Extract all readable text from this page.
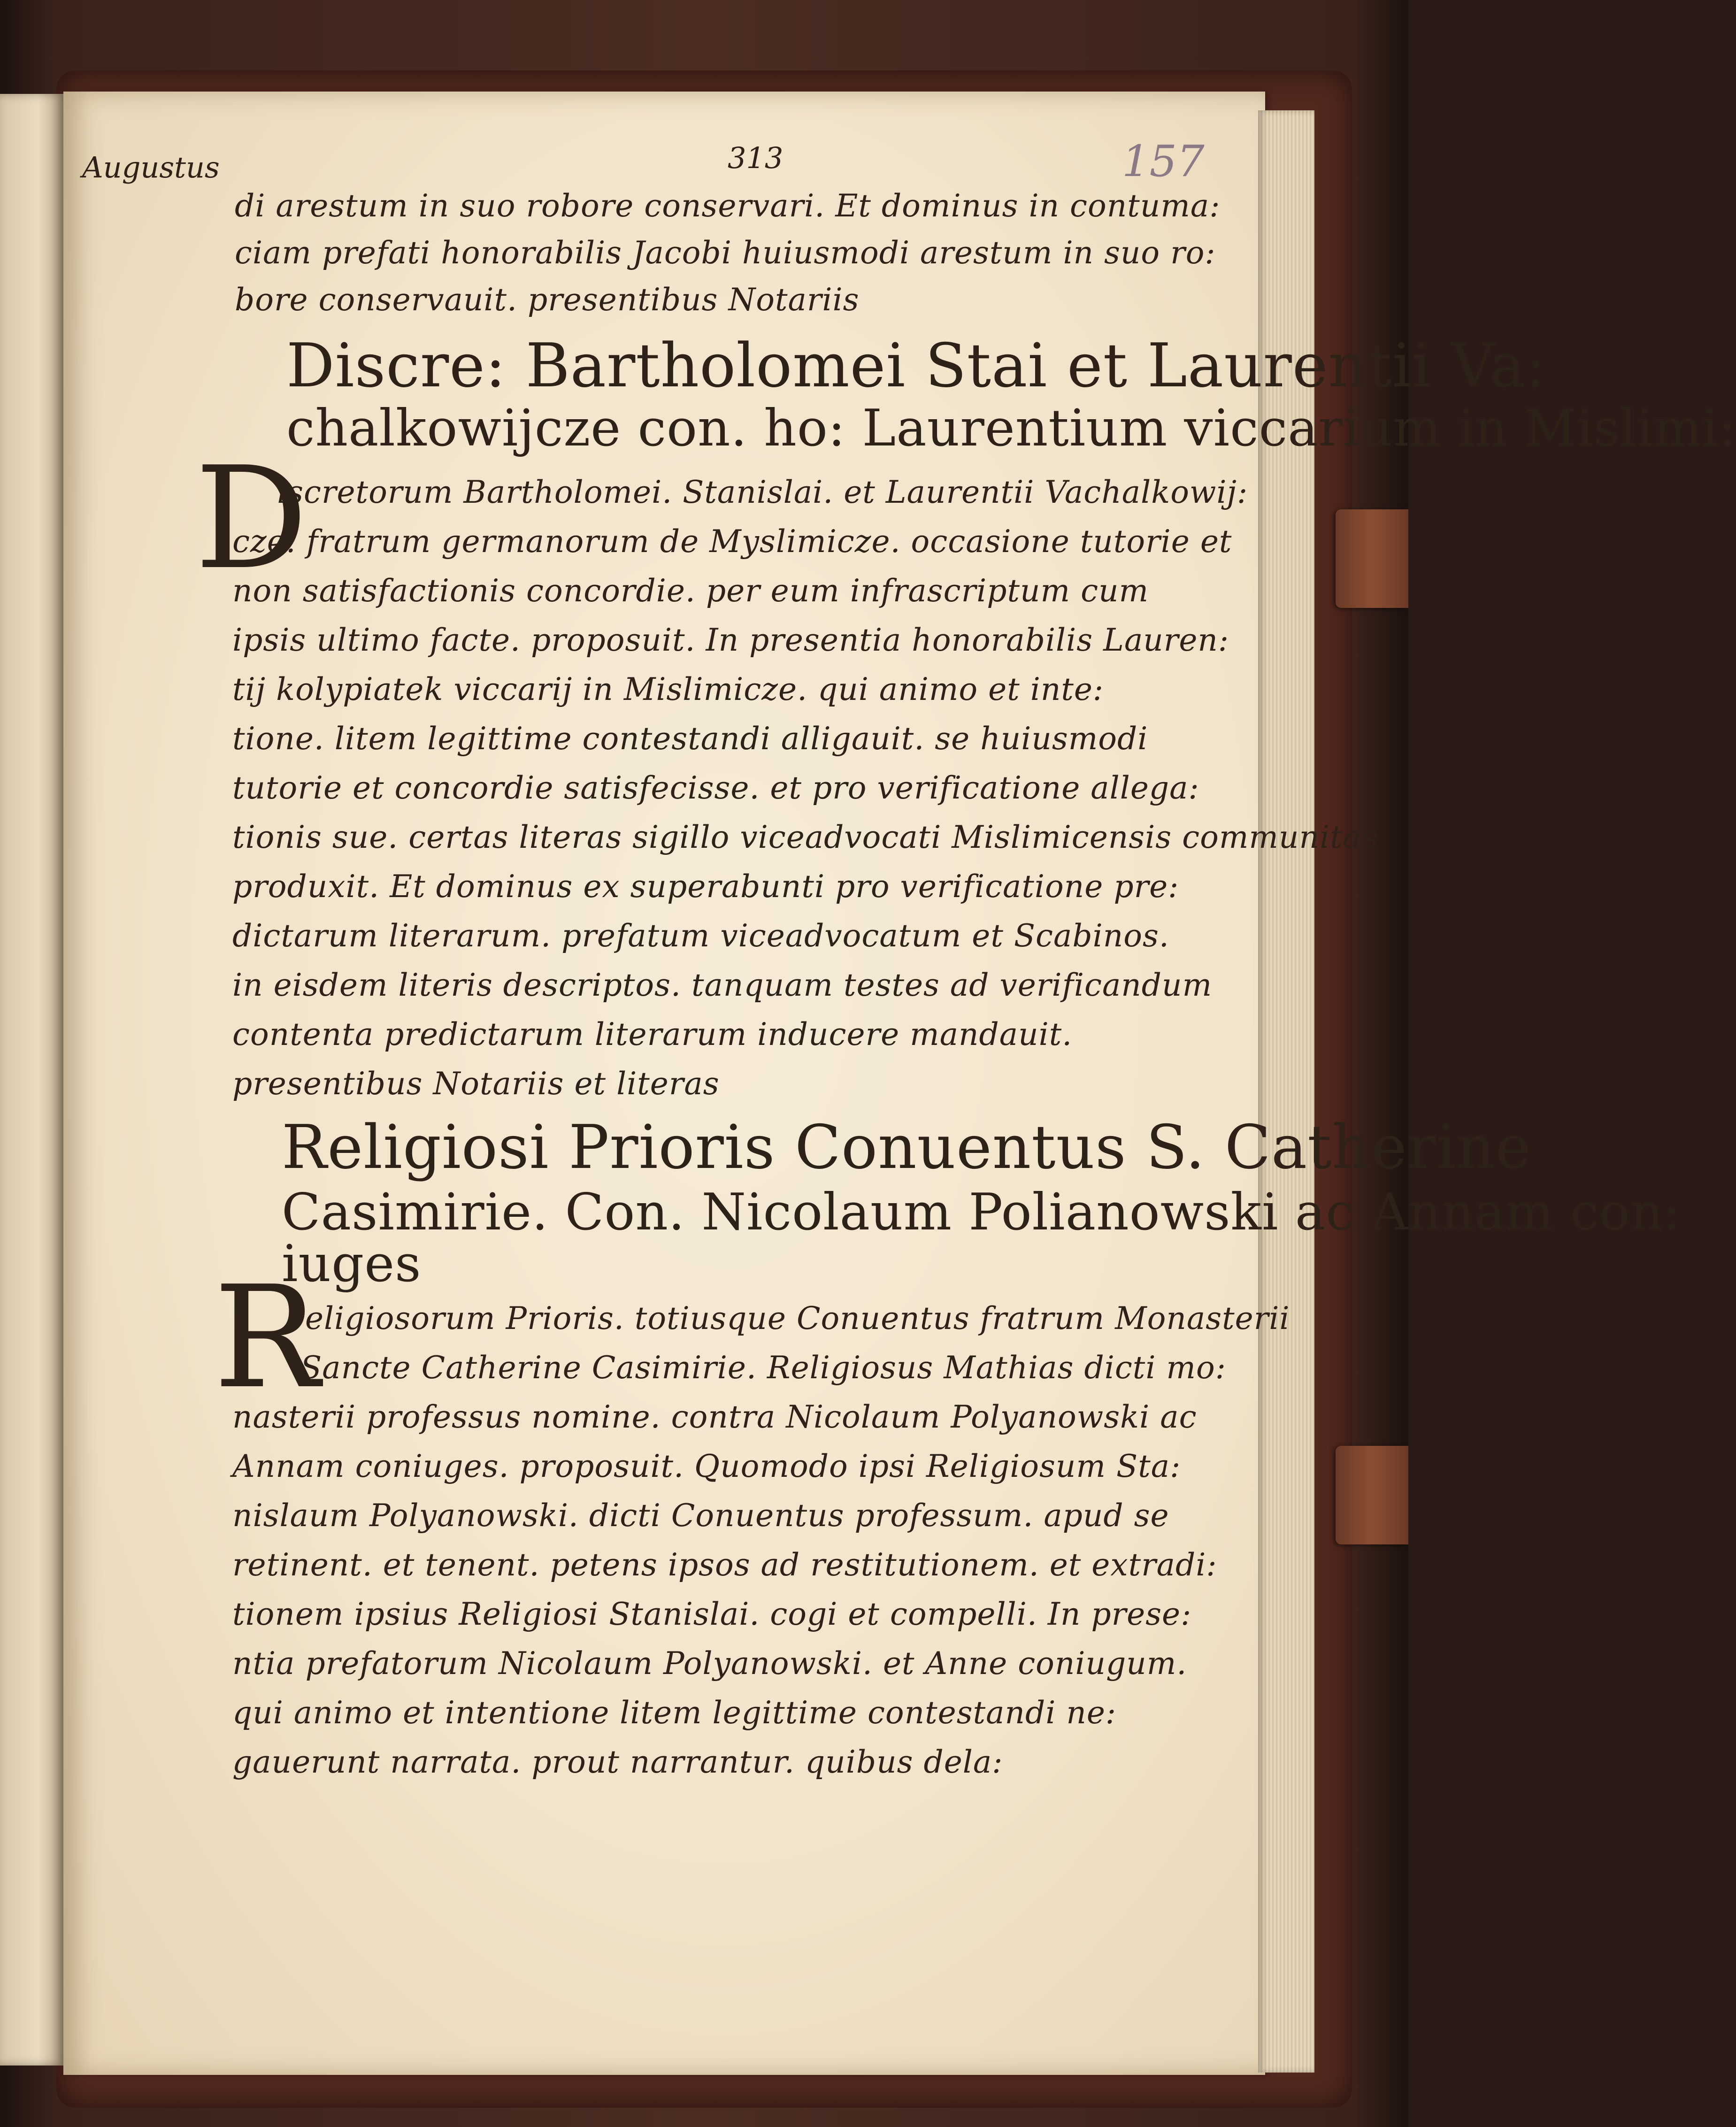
Augustus	313	157
di arestum in suo robore conservari. Et dominus in contuma:
ciam prefati honorabilis Jacobi huiusmodi arestum in suo ro:
bore conservauit. presentibus Notariis
Discre: Bartholomei Stai et Laurentii Va:
chalkowijcze con. ho: Laurentium viccarium in Mislimi:
D
iscretorum Bartholomei. Stanislai. et Laurentii Vachalkowij:
cze. fratrum germanorum de Myslimicze. occasione tutorie et
non satisfactionis concordie. per eum infrascriptum cum
ipsis ultimo facte. proposuit. In presentia honorabilis Lauren:
tij kolypiatek viccarij in Mislimicze. qui animo et inte:
tione. litem legittime contestandi alligauit. se huiusmodi
tutorie et concordie satisfecisse. et pro verificatione allega:
tionis sue. certas literas sigillo viceadvocati Mislimicensis communitas
produxit. Et dominus ex superabunti pro verificatione pre:
dictarum literarum. prefatum viceadvocatum et Scabinos.
in eisdem literis descriptos. tanquam testes ad verificandum
contenta predictarum literarum inducere mandauit.
presentibus Notariis et literas
Religiosi Prioris Conuentus S. Catherine
Casimirie. Con. Nicolaum Polianowski ac Annam con:
iuges
R
eligiosorum Prioris. totiusque Conuentus fratrum Monasterii
Sancte Catherine Casimirie. Religiosus Mathias dicti mo:
nasterii professus nomine. contra Nicolaum Polyanowski ac
Annam coniuges. proposuit. Quomodo ipsi Religiosum Sta:
nislaum Polyanowski. dicti Conuentus professum. apud se
retinent. et tenent. petens ipsos ad restitutionem. et extradi:
tionem ipsius Religiosi Stanislai. cogi et compelli. In prese:
ntia prefatorum Nicolaum Polyanowski. et Anne coniugum.
qui animo et intentione litem legittime contestandi ne:
gauerunt narrata. prout narrantur. quibus dela:
